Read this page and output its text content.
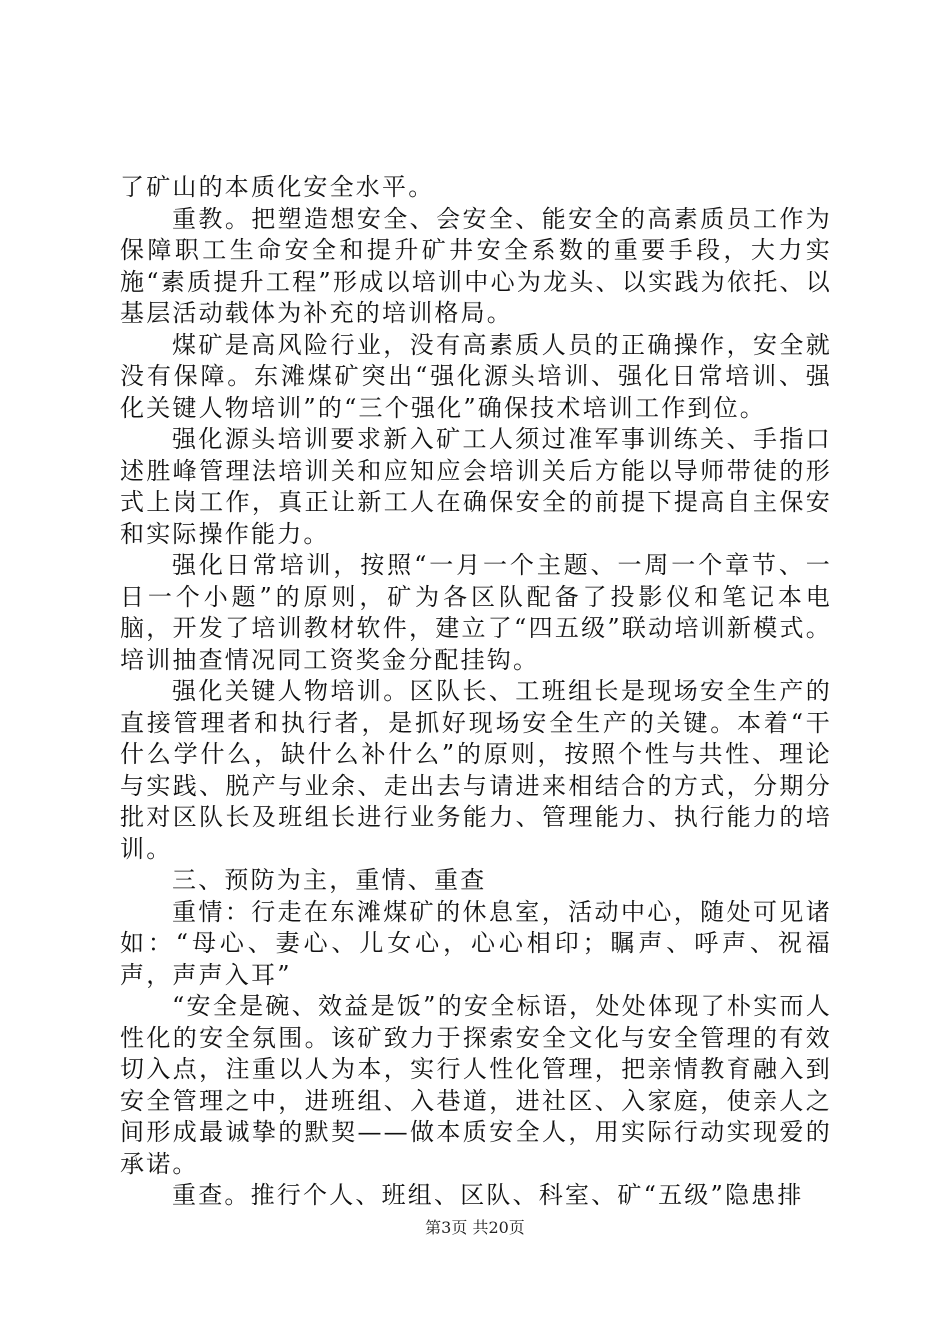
了矿山的本质化安全水平。

重教。把塑造想安全、会安全、能安全的高素质员工作为保障职工生命安全和提升矿井安全系数的重要手段，大力实施“素质提升工程”形成以培训中心为龙头、以实践为依托、以基层活动载体为补充的培训格局。

煤矿是高风险行业，没有高素质人员的正确操作，安全就没有保障。东滩煤矿突出“强化源头培训、强化日常培训、强化关键人物培训”的“三个强化”确保技术培训工作到位。

强化源头培训要求新入矿工人须过准军事训练关、手指口述胜峰管理法培训关和应知应会培训关后方能以导师带徒的形式上岗工作，真正让新工人在确保安全的前提下提高自主保安和实际操作能力。

强化日常培训，按照“一月一个主题、一周一个章节、一日一个小题”的原则，矿为各区队配备了投影仪和笔记本电脑，开发了培训教材软件，建立了“四五级”联动培训新模式。培训抽查情况同工资奖金分配挂钩。

强化关键人物培训。区队长、工班组长是现场安全生产的直接管理者和执行者，是抓好现场安全生产的关键。本着“干什么学什么，缺什么补什么”的原则，按照个性与共性、理论与实践、脱产与业余、走出去与请进来相结合的方式，分期分批对区队长及班组长进行业务能力、管理能力、执行能力的培训。

三、预防为主，重情、重查

重情：行走在东滩煤矿的休息室，活动中心，随处可见诸如：“母心、妻心、儿女心，心心相印；瞩声、呼声、祝福声，声声入耳”

“安全是碗、效益是饭”的安全标语，处处体现了朴实而人性化的安全氛围。该矿致力于探索安全文化与安全管理的有效切入点，注重以人为本，实行人性化管理，把亲情教育融入到安全管理之中，进班组、入巷道，进社区、入家庭，使亲人之间形成最诚挚的默契——做本质安全人，用实际行动实现爱的承诺。

重查。推行个人、班组、区队、科室、矿“五级”隐患排

第3页 共20页
